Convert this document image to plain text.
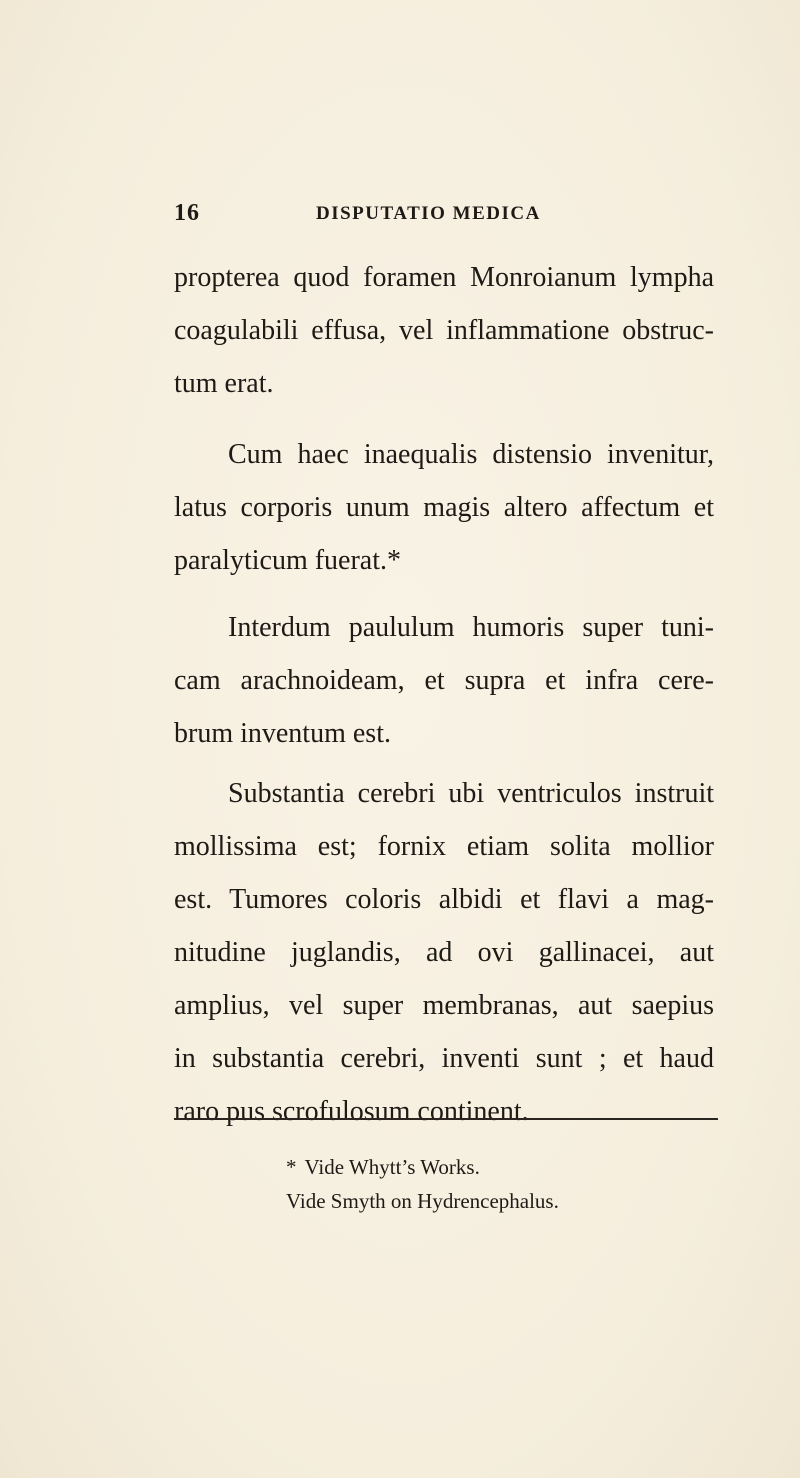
16	DISPUTATIO MEDICA

propterea quod foramen Monroianum lympha
coagulabili effusa, vel inflammatione obstruc-
tum erat.

Cum haec inaequalis distensio invenitur,
latus corporis unum magis altero affectum et
paralyticum fuerat.*

Interdum paululum humoris super tuni-
cam arachnoideam, et supra et infra cere-
brum inventum est.

Substantia cerebri ubi ventriculos instruit
mollissima est; fornix etiam solita mollior
est. Tumores coloris albidi et flavi a mag-
nitudine juglandis, ad ovi gallinacei, aut
amplius, vel super membranas, aut saepius
in substantia cerebri, inventi sunt ; et haud
raro pus scrofulosum continent.

* Vide Whytt’s Works.
Vide Smyth on Hydrencephalus.
